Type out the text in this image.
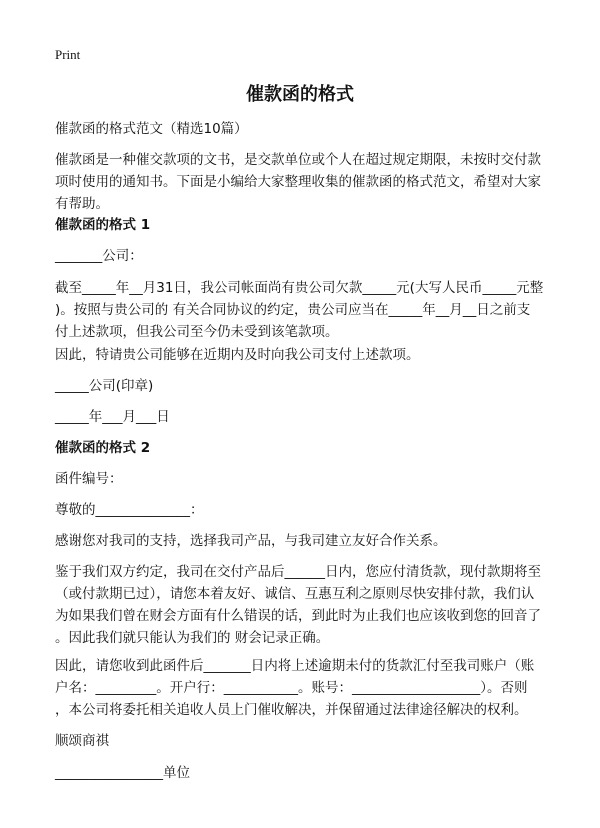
Print
催款函的格式
催款函的格式范文（精选10篇）
催款函是一种催交款项的文书，是交款单位或个人在超过规定期限，未按时交付款
项时使用的通知书。下面是小编给大家整理收集的催款函的格式范文，希望对大家
有帮助。
催款函的格式 1
_______公司：
截至_____年__月31日，我公司帐面尚有贵公司欠款_____元(大写人民币_____元整
)。按照与贵公司的 有关合同协议的约定，贵公司应当在_____年__月__日之前支
付上述款项，但我公司至今仍未受到该笔款项。
因此，特请贵公司能够在近期内及时向我公司支付上述款项。
_____公司(印章)
_____年___月___日
催款函的格式 2
函件编号：
尊敬的______________：
感谢您对我司的支持，选择我司产品，与我司建立友好合作关系。
鉴于我们双方约定，我司在交付产品后______日内，您应付清货款，现付款期将至
（或付款期已过），请您本着友好、诚信、互惠互利之原则尽快安排付款，我们认
为如果我们曾在财会方面有什么错误的话，到此时为止我们也应该收到您的回音了
。因此我们就只能认为我们的 财会记录正确。
因此，请您收到此函件后_______日内将上述逾期未付的货款汇付至我司账户（账
户名：_________。开户行：___________。账号：___________________）。否则
，本公司将委托相关追收人员上门催收解决，并保留通过法律途径解决的权利。
顺颂商祺
________________单位
